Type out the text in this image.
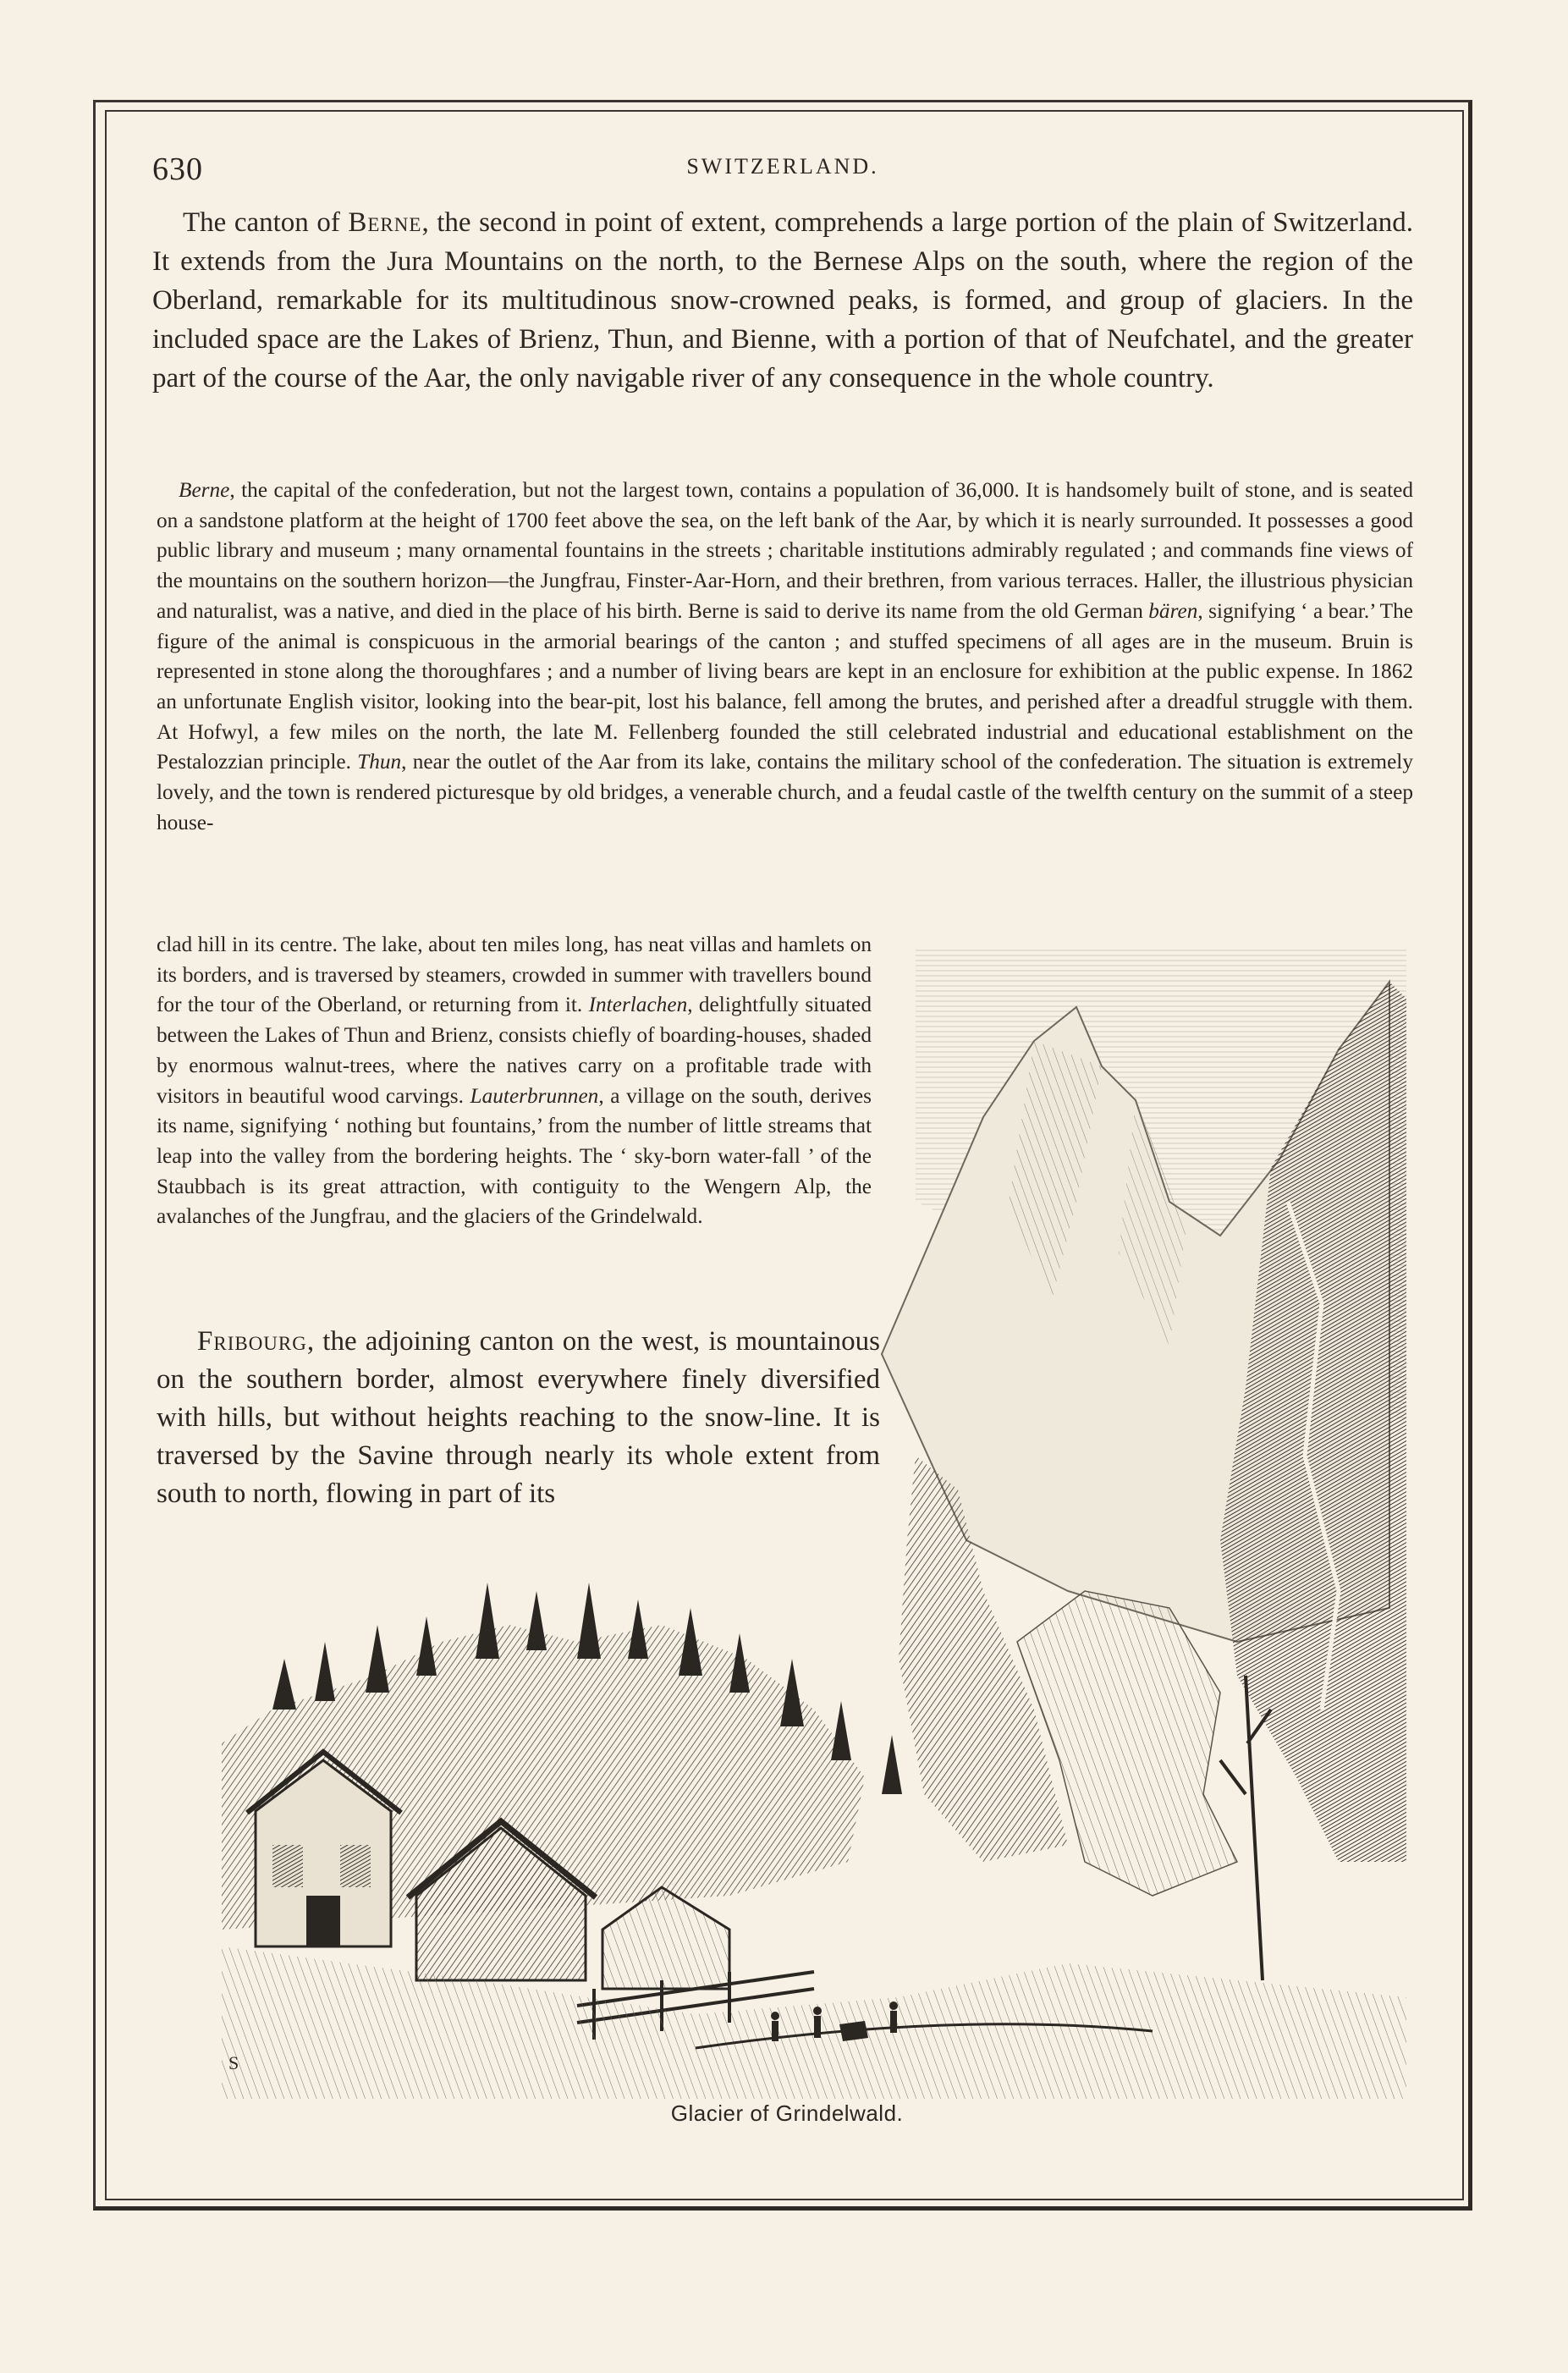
630	SWITZERLAND.

The canton of Berne, the second in point of extent, comprehends a large portion of the plain of Switzerland. It extends from the Jura Mountains on the north, to the Bernese Alps on the south, where the region of the Oberland, remarkable for its multitudinous snow-crowned peaks, is formed, and group of glaciers. In the included space are the Lakes of Brienz, Thun, and Bienne, with a portion of that of Neufchatel, and the greater part of the course of the Aar, the only navigable river of any consequence in the whole country.

Berne, the capital of the confederation, but not the largest town, contains a population of 36,000. It is handsomely built of stone, and is seated on a sandstone platform at the height of 1700 feet above the sea, on the left bank of the Aar, by which it is nearly surrounded. It possesses a good public library and museum ; many ornamental fountains in the streets ; charitable institutions admirably regulated ; and commands fine views of the mountains on the southern horizon—the Jungfrau, Finster-Aar-Horn, and their brethren, from various terraces. Haller, the illustrious physician and naturalist, was a native, and died in the place of his birth. Berne is said to derive its name from the old German bären, signifying ‘ a bear.’ The figure of the animal is conspicuous in the armorial bearings of the canton ; and stuffed specimens of all ages are in the museum. Bruin is represented in stone along the thoroughfares ; and a number of living bears are kept in an enclosure for exhibition at the public expense. In 1862 an unfortunate English visitor, looking into the bear-pit, lost his balance, fell among the brutes, and perished after a dreadful struggle with them. At Hofwyl, a few miles on the north, the late M. Fellenberg founded the still celebrated industrial and educational establishment on the Pestalozzian principle. Thun, near the outlet of the Aar from its lake, contains the military school of the confederation. The situation is extremely lovely, and the town is rendered picturesque by old bridges, a venerable church, and a feudal castle of the twelfth century on the summit of a steep house-

clad hill in its centre. The lake, about ten miles long, has neat villas and hamlets on its borders, and is traversed by steamers, crowded in summer with travellers bound for the tour of the Oberland, or returning from it. Interlachen, delightfully situated between the Lakes of Thun and Brienz, consists chiefly of boarding-houses, shaded by enormous walnut-trees, where the natives carry on a profitable trade with visitors in beautiful wood carvings. Lauterbrunnen, a village on the south, derives its name, signifying ‘ nothing but fountains,’ from the number of little streams that leap into the valley from the bordering heights. The ‘ sky-born water-fall ’ of the Staubbach is its great attraction, with contiguity to the Wengern Alp, the avalanches of the Jungfrau, and the glaciers of the Grindelwald.

Fribourg, the adjoining canton on the west, is mountainous on the southern border, almost everywhere finely diversified with hills, but without heights reaching to the snow-line. It is traversed by the Savine through nearly its whole extent from south to north, flowing in part of its

S
Glacier of Grindelwald.
